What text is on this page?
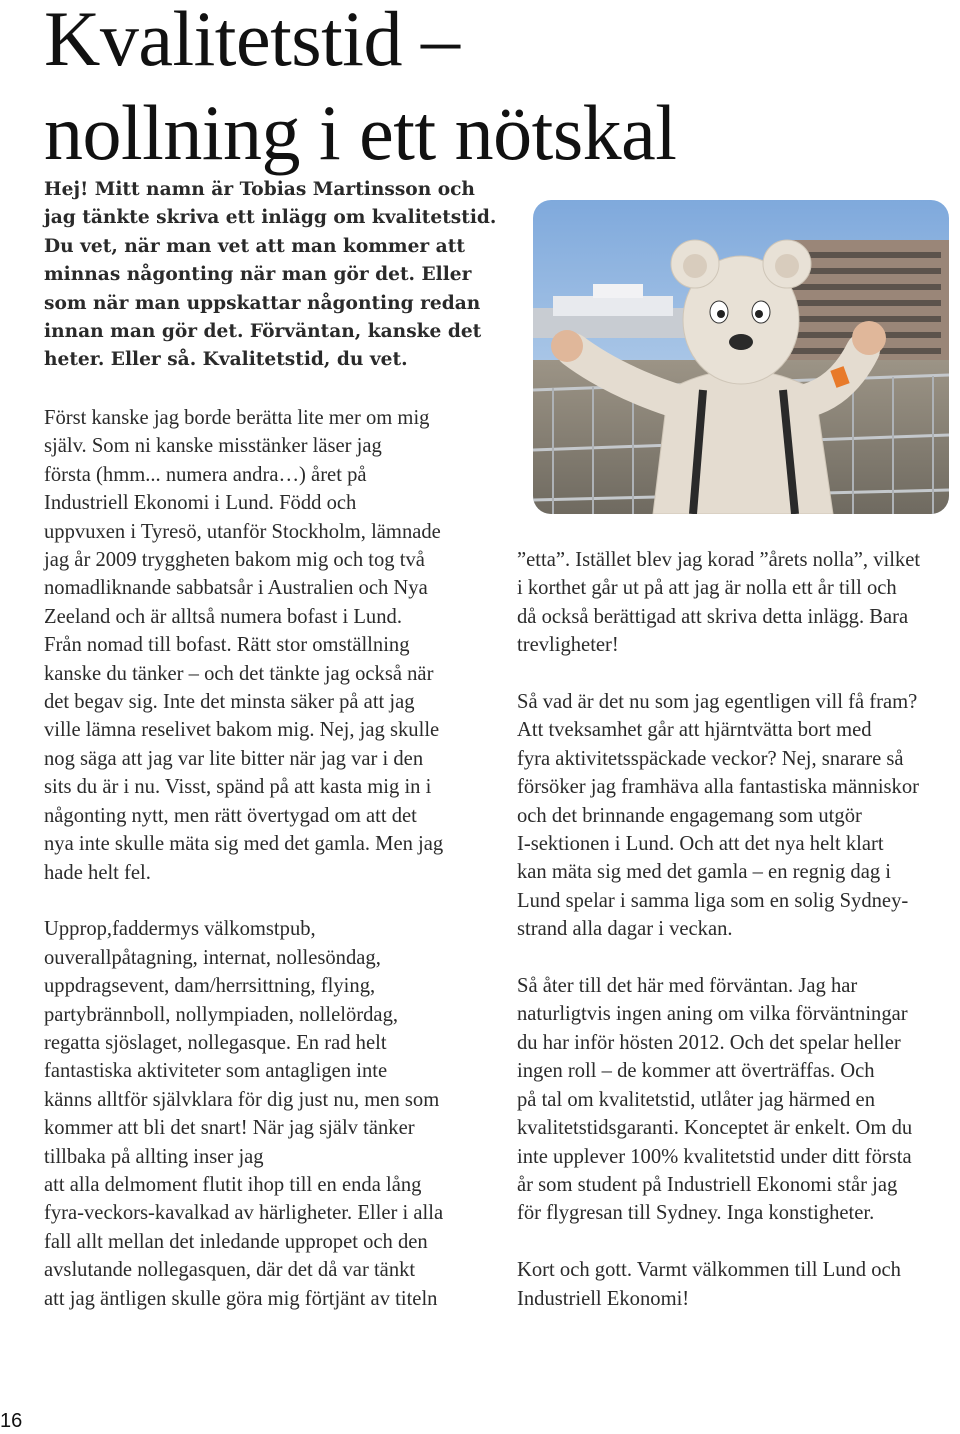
Kvalitetstid –
nollning i ett nötskal
Hej! Mitt namn är Tobias Martinsson och
jag tänkte skriva ett inlägg om kvalitetstid.
Du vet, när man vet att man kommer att
minnas någonting när man gör det. Eller
som när man uppskattar någonting redan
innan man gör det. Förväntan, kanske det
heter. Eller så. Kvalitetstid, du vet.
Först kanske jag borde berätta lite mer om mig
själv. Som ni kanske misstänker läser jag
första (hmm... numera andra…) året på
Industriell Ekonomi i Lund. Född och
uppvuxen i Tyresö, utanför Stockholm, lämnade
jag år 2009 tryggheten bakom mig och tog två
nomadliknande sabbatsår i Australien och Nya
Zeeland och är alltså numera bofast i Lund.
Från nomad till bofast. Rätt stor omställning
kanske du tänker – och det tänkte jag också när
det begav sig. Inte det minsta säker på att jag
ville lämna reselivet bakom mig. Nej, jag skulle
nog säga att jag var lite bitter när jag var i den
sits du är i nu. Visst, spänd på att kasta mig in i
någonting nytt, men rätt övertygad om att det
nya inte skulle mäta sig med det gamla. Men jag
hade helt fel.
Upprop,faddermys välkomstpub,
ouverallpåtagning, internat, nollesöndag,
uppdragsevent, dam/herrsittning, flying,
partybrännboll, nollympiaden, nollelördag,
regatta sjöslaget, nollegasque. En rad helt
fantastiska aktiviteter som antagligen inte
känns alltför självklara för dig just nu, men som
kommer att bli det snart! När jag själv tänker
tillbaka på allting inser jag
att alla delmoment flutit ihop till en enda lång
fyra-veckors-kavalkad av härligheter. Eller i alla
fall allt mellan det inledande uppropet och den
avslutande nollegasquen, där det då var tänkt
att jag äntligen skulle göra mig förtjänt av titeln
”etta”. Istället blev jag korad ”årets nolla”, vilket
i korthet går ut på att jag är nolla ett år till och
då också berättigad att skriva detta inlägg. Bara
trevligheter!
Så vad är det nu som jag egentligen vill få fram?
Att tveksamhet går att hjärntvätta bort med
fyra aktivitetsspäckade veckor? Nej, snarare så
försöker jag framhäva alla fantastiska människor
och det brinnande engagemang som utgör
I-sektionen i Lund. Och att det nya helt klart
kan mäta sig med det gamla – en regnig dag i
Lund spelar i samma liga som en solig Sydney-
strand alla dagar i veckan.
Så åter till det här med förväntan. Jag har
naturligtvis ingen aning om vilka förväntningar
du har inför hösten 2012. Och det spelar heller
ingen roll – de kommer att överträffas. Och
på tal om kvalitetstid, utlåter jag härmed en
kvalitetstidsgaranti. Konceptet är enkelt. Om du
inte upplever 100% kvalitetstid under ditt första
år som student på Industriell Ekonomi står jag
för flygresan till Sydney. Inga konstigheter.
Kort och gott. Varmt välkommen till Lund och
Industriell Ekonomi!
16
